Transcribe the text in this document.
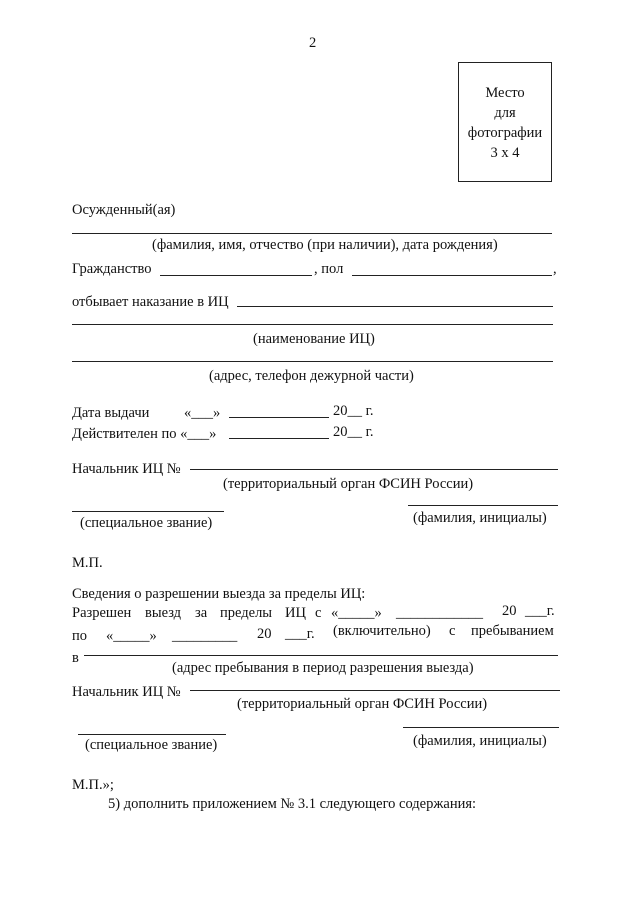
2
Место
для
фотографии
3 х 4
Осужденный(ая)
(фамилия, имя, отчество (при наличии), дата рождения)
Гражданство	, пол	,
отбывает наказание в ИЦ
(наименование ИЦ)
(адрес, телефон дежурной части)
Дата выдачи «___»	20__ г.
Действителен по «___»	20__ г.
Начальник ИЦ №
(территориальный орган ФСИН России)
(специальное звание)	(фамилия, инициалы)
М.П.
Сведения о разрешении выезда за пределы ИЦ:
Разрешен выезд за пределы ИЦ с «_____» ____________ 20 ___г.
по «_____» _________ 20 ___г. (включительно) с пребыванием
в
(адрес пребывания в период разрешения выезда)
Начальник ИЦ №
(территориальный орган ФСИН России)
(специальное звание)	(фамилия, инициалы)
М.П.»;
5) дополнить приложением № 3.1 следующего содержания:
